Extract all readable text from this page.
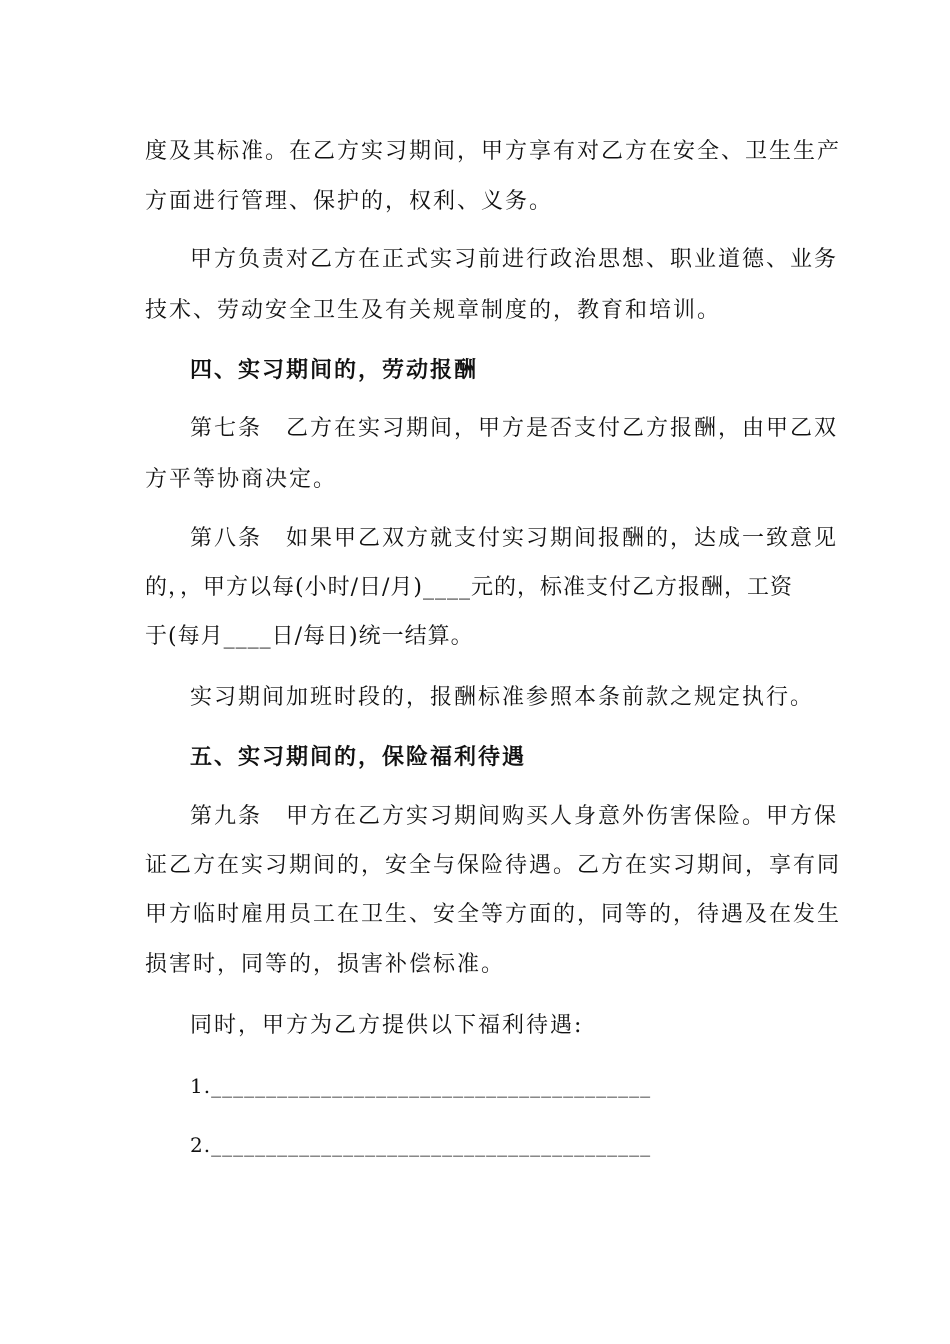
度及其标准。在乙方实习期间，甲方享有对乙方在安全、卫生生产
方面进行管理、保护的，权利、义务。
甲方负责对乙方在正式实习前进行政治思想、职业道德、业务
技术、劳动安全卫生及有关规章制度的，教育和培训。
四、实习期间的，劳动报酬
第七条　乙方在实习期间，甲方是否支付乙方报酬，由甲乙双
方平等协商决定。
第八条　如果甲乙双方就支付实习期间报酬的，达成一致意见
的，，甲方以每(小时/日/月)____元的，标准支付乙方报酬，工资
于(每月____日/每日)统一结算。
实习期间加班时段的，报酬标准参照本条前款之规定执行。
五、实习期间的，保险福利待遇
第九条　甲方在乙方实习期间购买人身意外伤害保险。甲方保
证乙方在实习期间的，安全与保险待遇。乙方在实习期间，享有同
甲方临时雇用员工在卫生、安全等方面的，同等的，待遇及在发生
损害时，同等的，损害补偿标准。
同时，甲方为乙方提供以下福利待遇:
1.________________________________________
2.________________________________________
